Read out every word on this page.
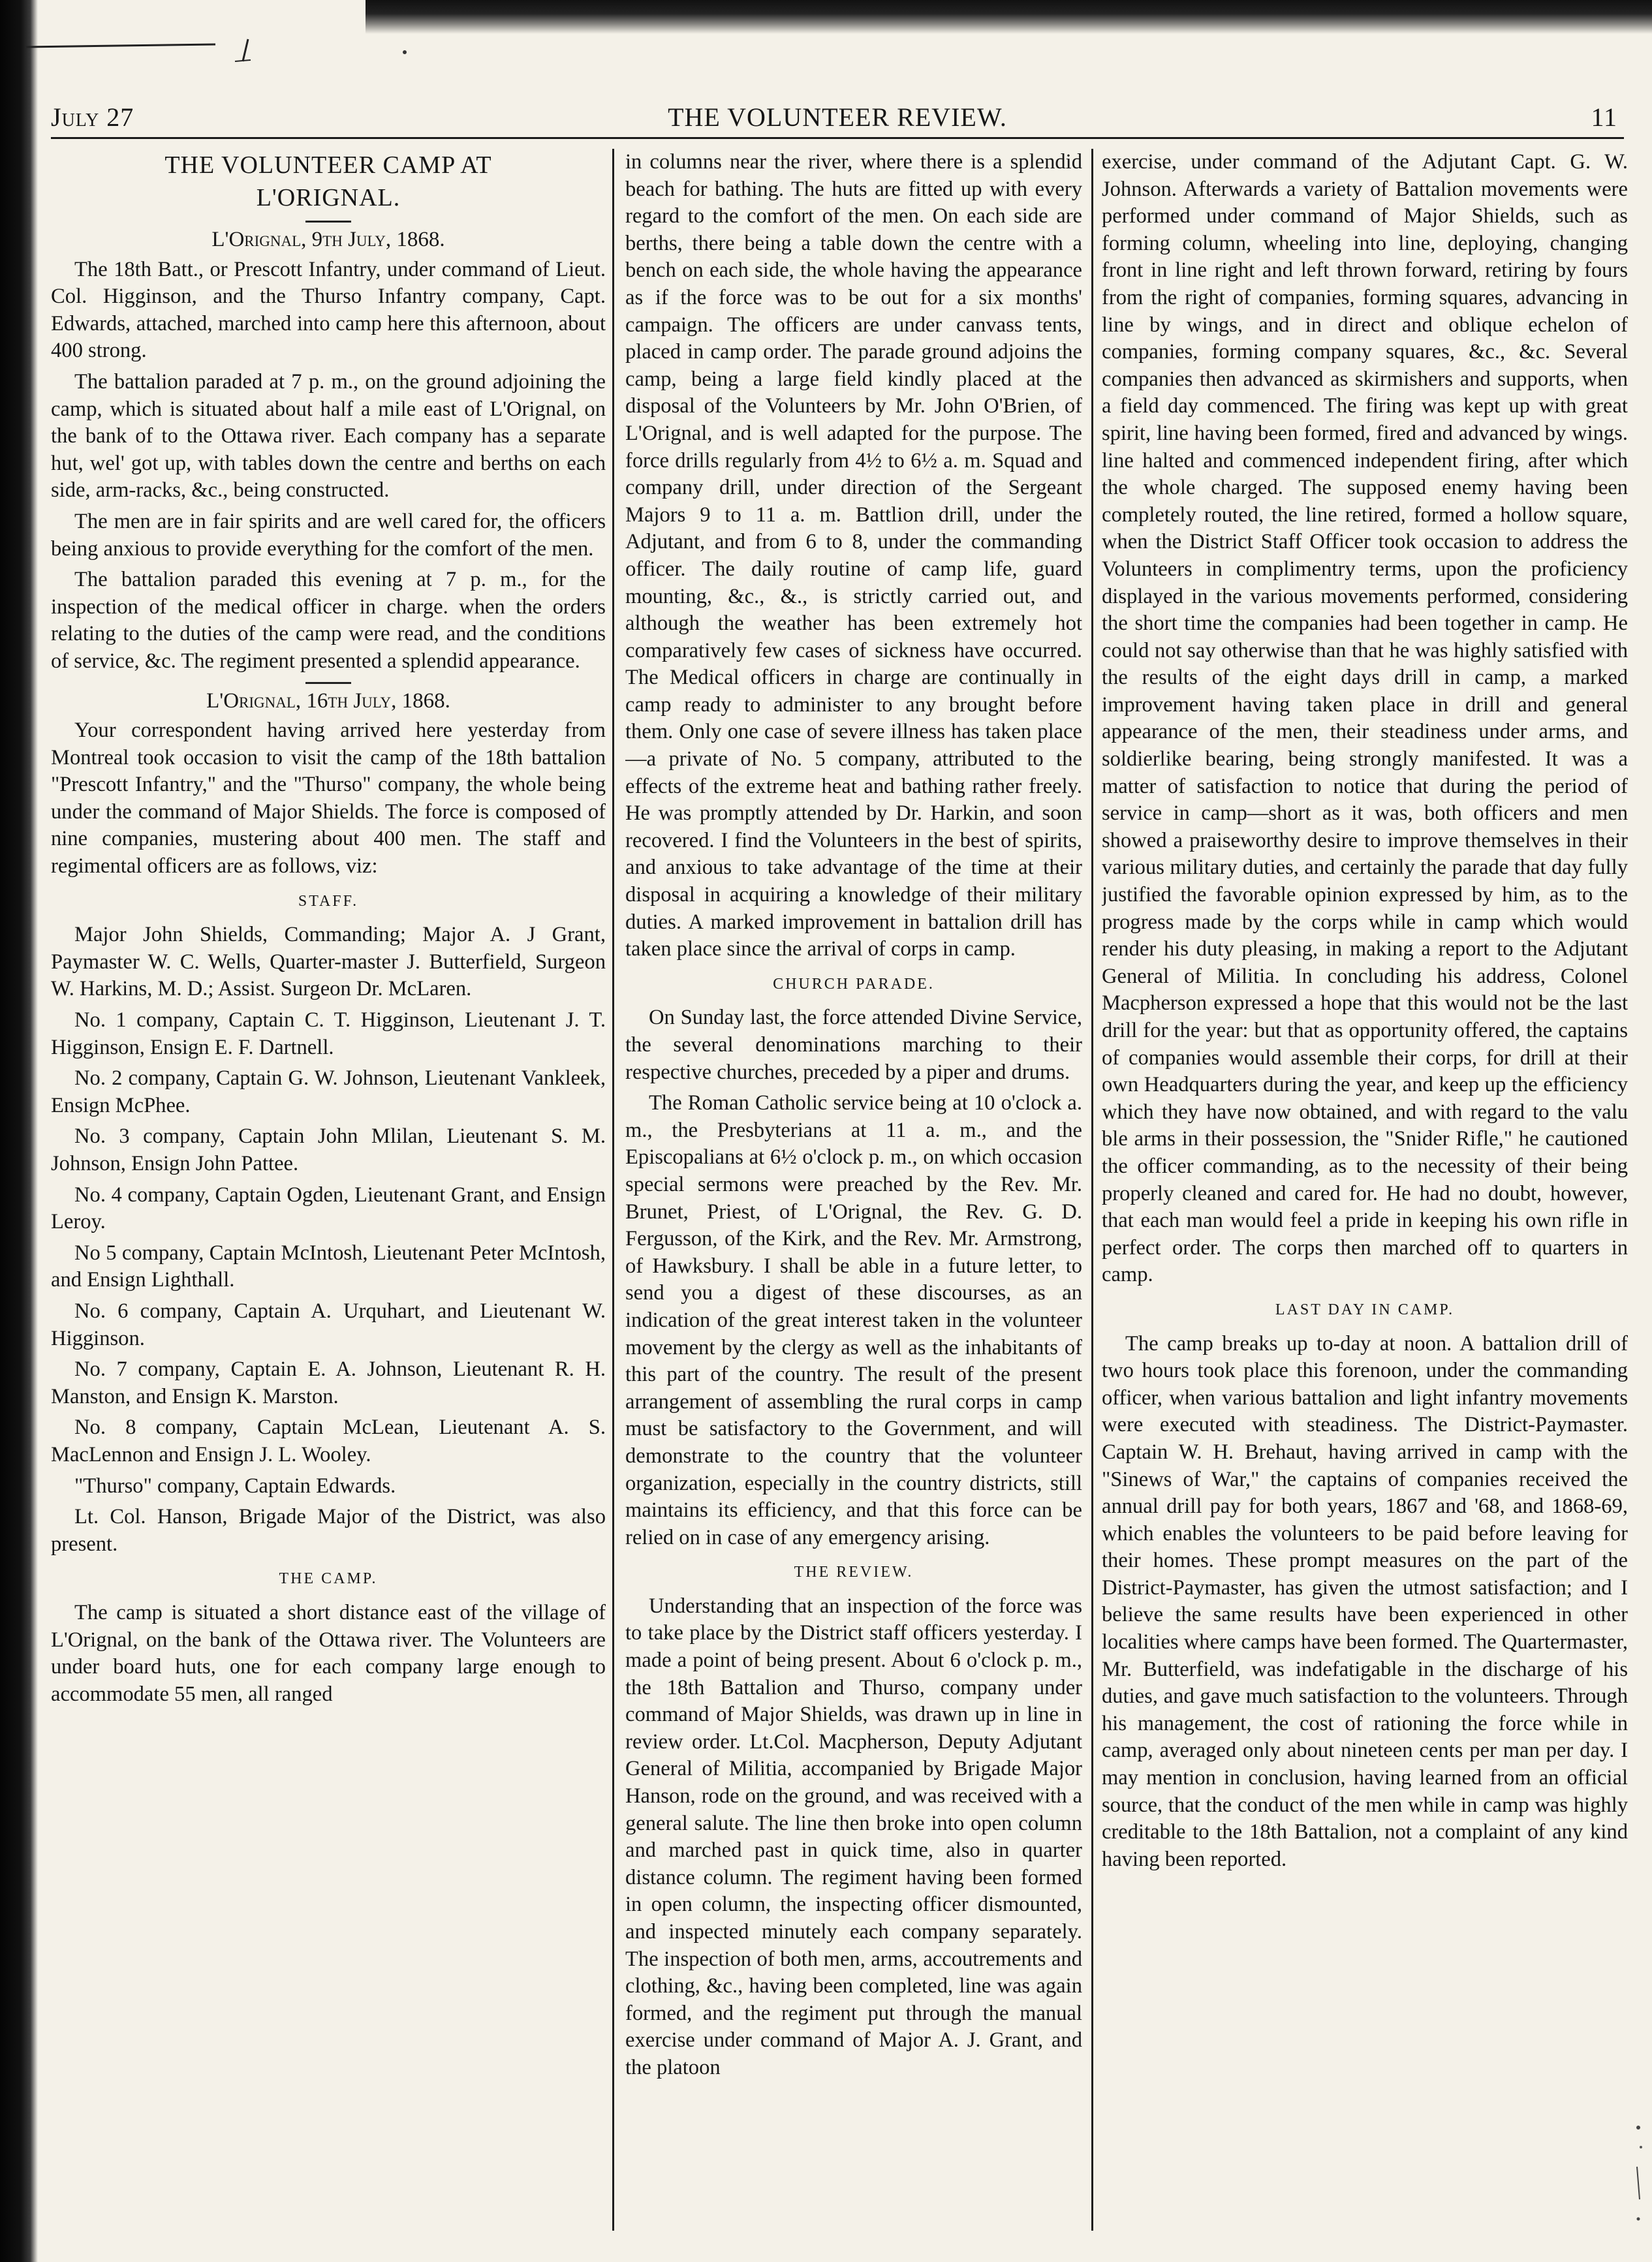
THE VOLUNTEER REVIEW.
July 27	11
THE VOLUNTEER CAMP AT
L'ORIGNAL.
L'Orignal, 9th July, 1868.

The 18th Batt., or Prescott Infantry, under command of Lieut. Col. Higginson, and the Thurso Infantry company, Capt. Edwards, attached, marched into camp here this afternoon, about 400 strong.

The battalion paraded at 7 p. m., on the ground adjoining the camp, which is situated about half a mile east of L'Orignal, on the bank of to the Ottawa river. Each company has a separate hut, wel' got up, with tables down the centre and berths on each side, arm-racks, &c., being constructed.

The men are in fair spirits and are well cared for, the officers being anxious to provide everything for the comfort of the men.

The battalion paraded this evening at 7 p. m., for the inspection of the medical officer in charge. when the orders relating to the duties of the camp were read, and the conditions of service, &c. The regiment presented a splendid appearance.

L'Orignal, 16th July, 1868.

Your correspondent having arrived here yesterday from Montreal took occasion to visit the camp of the 18th battalion "Prescott Infantry," and the "Thurso" company, the whole being under the command of Major Shields. The force is composed of nine companies, mustering about 400 men. The staff and regimental officers are as follows, viz:

STAFF.

Major John Shields, Commanding; Major A. J Grant, Paymaster W. C. Wells, Quarter-master J. Butterfield, Surgeon W. Harkins, M. D.; Assist. Surgeon Dr. McLaren.

No. 1 company, Captain C. T. Higginson, Lieutenant J. T. Higginson, Ensign E. F. Dartnell.

No. 2 company, Captain G. W. Johnson, Lieutenant Vankleek, Ensign McPhee.

No. 3 company, Captain John Mlilan, Lieutenant S. M. Johnson, Ensign John Pattee.

No. 4 company, Captain Ogden, Lieutenant Grant, and Ensign Leroy.

No 5 company, Captain McIntosh, Lieutenant Peter McIntosh, and Ensign Lighthall.

No. 6 company, Captain A. Urquhart, and Lieutenant W. Higginson.

No. 7 company, Captain E. A. Johnson, Lieutenant R. H. Manston, and Ensign K. Marston.

No. 8 company, Captain McLean, Lieutenant A. S. MacLennon and Ensign J. L. Wooley.

"Thurso" company, Captain Edwards.

Lt. Col. Hanson, Brigade Major of the District, was also present.

THE CAMP.

The camp is situated a short distance east of the village of L'Orignal, on the bank of the Ottawa river. The Volunteers are under board huts, one for each company large enough to accommodate 55 men, all ranged

in columns near the river, where there is a splendid beach for bathing. The huts are fitted up with every regard to the comfort of the men. On each side are berths, there being a table down the centre with a bench on each side, the whole having the appearance as if the force was to be out for a six months' campaign. The officers are under canvass tents, placed in camp order. The parade ground adjoins the camp, being a large field kindly placed at the disposal of the Volunteers by Mr. John O'Brien, of L'Orignal, and is well adapted for the purpose. The force drills regularly from 4½ to 6½ a. m. Squad and company drill, under direction of the Sergeant Majors 9 to 11 a. m. Battlion drill, under the Adjutant, and from 6 to 8, under the commanding officer. The daily routine of camp life, guard mounting, &c., &., is strictly carried out, and although the weather has been extremely hot comparatively few cases of sickness have occurred. The Medical officers in charge are continually in camp ready to administer to any brought before them. Only one case of severe illness has taken place—a private of No. 5 company, attributed to the effects of the extreme heat and bathing rather freely. He was promptly attended by Dr. Harkin, and soon recovered. I find the Volunteers in the best of spirits, and anxious to take advantage of the time at their disposal in acquiring a knowledge of their military duties. A marked improvement in battalion drill has taken place since the arrival of corps in camp.

CHURCH PARADE.

On Sunday last, the force attended Divine Service, the several denominations marching to their respective churches, preceded by a piper and drums.

The Roman Catholic service being at 10 o'clock a. m., the Presbyterians at 11 a. m., and the Episcopalians at 6½ o'clock p. m., on which occasion special sermons were preached by the Rev. Mr. Brunet, Priest, of L'Orignal, the Rev. G. D. Fergusson, of the Kirk, and the Rev. Mr. Armstrong, of Hawksbury. I shall be able in a future letter, to send you a digest of these discourses, as an indication of the great interest taken in the volunteer movement by the clergy as well as the inhabitants of this part of the country. The result of the present arrangement of assembling the rural corps in camp must be satisfactory to the Government, and will demonstrate to the country that the volunteer organization, especially in the country districts, still maintains its efficiency, and that this force can be relied on in case of any emergency arising.

THE REVIEW.

Understanding that an inspection of the force was to take place by the District staff officers yesterday. I made a point of being present. About 6 o'clock p. m., the 18th Battalion and Thurso, company under command of Major Shields, was drawn up in line in review order. Lt.Col. Macpherson, Deputy Adjutant General of Militia, accompanied by Brigade Major Hanson, rode on the ground, and was received with a general salute. The line then broke into open column and marched past in quick time, also in quarter distance column. The regiment having been formed in open column, the inspecting officer dismounted, and inspected minutely each company separately. The inspection of both men, arms, accoutrements and clothing, &c., having been completed, line was again formed, and the regiment put through the manual exercise under command of Major A. J. Grant, and the platoon

exercise, under command of the Adjutant Capt. G. W. Johnson. Afterwards a variety of Battalion movements were performed under command of Major Shields, such as forming column, wheeling into line, deploying, changing front in line right and left thrown forward, retiring by fours from the right of companies, forming squares, advancing in line by wings, and in direct and oblique echelon of companies, forming company squares, &c., &c. Several companies then advanced as skirmishers and supports, when a field day commenced. The firing was kept up with great spirit, line having been formed, fired and advanced by wings. line halted and commenced independent firing, after which the whole charged. The supposed enemy having been completely routed, the line retired, formed a hollow square, when the District Staff Officer took occasion to address the Volunteers in complimentry terms, upon the proficiency displayed in the various movements performed, considering the short time the companies had been together in camp. He could not say otherwise than that he was highly satisfied with the results of the eight days drill in camp, a marked improvement having taken place in drill and general appearance of the men, their steadiness under arms, and soldierlike bearing, being strongly manifested. It was a matter of satisfaction to notice that during the period of service in camp—short as it was, both officers and men showed a praiseworthy desire to improve themselves in their various military duties, and certainly the parade that day fully justified the favorable opinion expressed by him, as to the progress made by the corps while in camp which would render his duty pleasing, in making a report to the Adjutant General of Militia. In concluding his address, Colonel Macpherson expressed a hope that this would not be the last drill for the year: but that as opportunity offered, the captains of companies would assemble their corps, for drill at their own Headquarters during the year, and keep up the efficiency which they have now obtained, and with regard to the valu ble arms in their possession, the "Snider Rifle," he cautioned the officer commanding, as to the necessity of their being properly cleaned and cared for. He had no doubt, however, that each man would feel a pride in keeping his own rifle in perfect order. The corps then marched off to quarters in camp.

LAST DAY IN CAMP.

The camp breaks up to-day at noon. A battalion drill of two hours took place this forenoon, under the commanding officer, when various battalion and light infantry movements were executed with steadiness. The District-Paymaster. Captain W. H. Brehaut, having arrived in camp with the "Sinews of War," the captains of companies received the annual drill pay for both years, 1867 and '68, and 1868-69, which enables the volunteers to be paid before leaving for their homes. These prompt measures on the part of the District-Paymaster, has given the utmost satisfaction; and I believe the same results have been experienced in other localities where camps have been formed. The Quartermaster, Mr. Butterfield, was indefatigable in the discharge of his duties, and gave much satisfaction to the volunteers. Through his management, the cost of rationing the force while in camp, averaged only about nineteen cents per man per day. I may mention in conclusion, having learned from an official source, that the conduct of the men while in camp was highly creditable to the 18th Battalion, not a complaint of any kind having been reported.
